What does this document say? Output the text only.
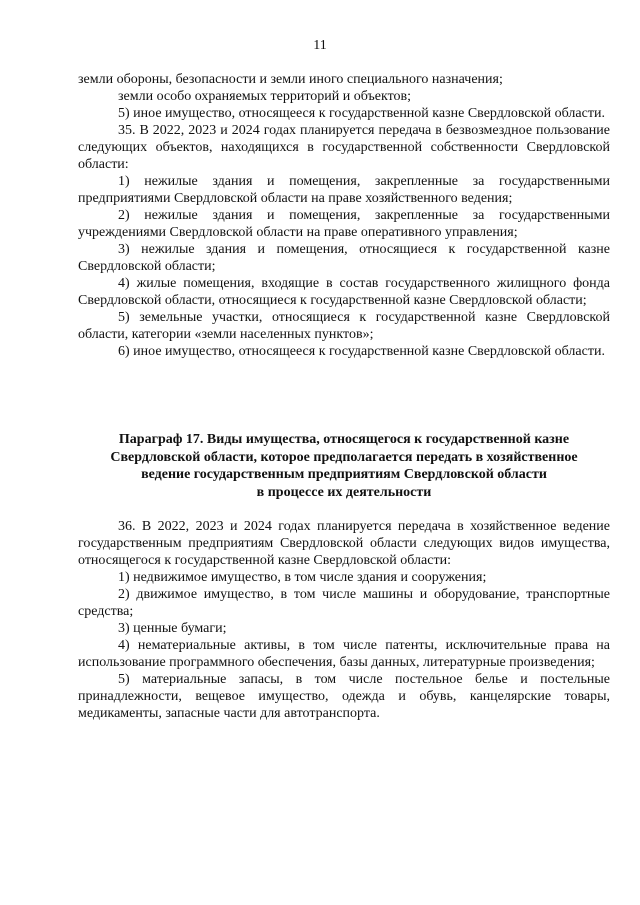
11

земли обороны, безопасности и земли иного специального назначения;

земли особо охраняемых территорий и объектов;

5) иное имущество, относящееся к государственной казне Свердловской области.

35. В 2022, 2023 и 2024 годах планируется передача в безвозмездное пользование следующих объектов, находящихся в государственной собственности Свердловской области:

1) нежилые здания и помещения, закрепленные за государственными предприятиями Свердловской области на праве хозяйственного ведения;

2) нежилые здания и помещения, закрепленные за государственными учреждениями Свердловской области на праве оперативного управления;

3) нежилые здания и помещения, относящиеся к государственной казне Свердловской области;

4) жилые помещения, входящие в состав государственного жилищного фонда Свердловской области, относящиеся к государственной казне Свердловской области;

5) земельные участки, относящиеся к государственной казне Свердловской области, категории «земли населенных пунктов»;

6) иное имущество, относящееся к государственной казне Свердловской области.

Параграф 17. Виды имущества, относящегося к государственной казне
Свердловской области, которое предполагается передать в хозяйственное
ведение государственным предприятиям Свердловской области
в процессе их деятельности

36. В 2022, 2023 и 2024 годах планируется передача в хозяйственное ведение государственным предприятиям Свердловской области следующих видов имущества, относящегося к государственной казне Свердловской области:

1) недвижимое имущество, в том числе здания и сооружения;

2) движимое имущество, в том числе машины и оборудование, транспортные средства;

3) ценные бумаги;

4) нематериальные активы, в том числе патенты, исключительные права на использование программного обеспечения, базы данных, литературные произведения;

5) материальные запасы, в том числе постельное белье и постельные принадлежности, вещевое имущество, одежда и обувь, канцелярские товары, медикаменты, запасные части для автотранспорта.
